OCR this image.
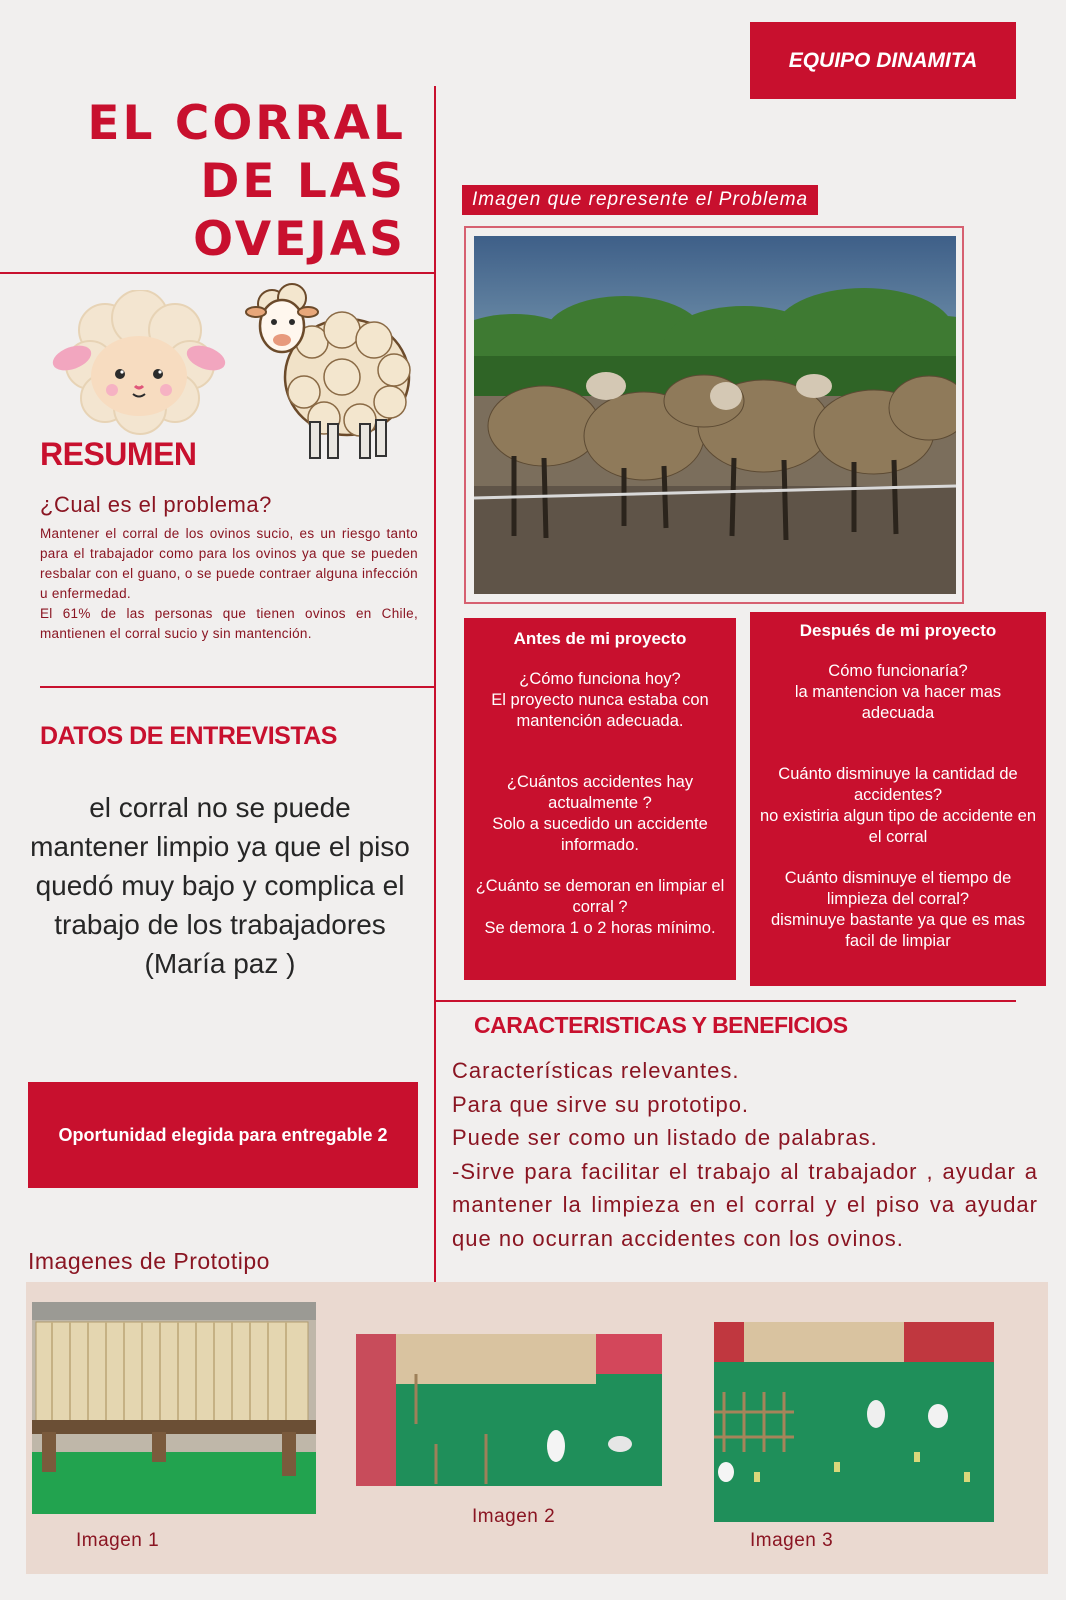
EQUIPO DINAMITA
EL CORRAL
DE LAS
OVEJAS
RESUMEN
¿Cual es el problema?

Mantener el corral de los ovinos sucio, es un riesgo tanto para el trabajador como para los ovinos ya que se pueden resbalar con el guano, o se puede contraer alguna infección u enfermedad.

El 61% de las personas que tienen ovinos en Chile, mantienen el corral sucio y sin mantención.

DATOS DE ENTREVISTAS
el corral no se puede mantener limpio ya que el piso quedó muy bajo y complica el trabajo de los trabajadores (María paz )
Oportunidad elegida para entregable 2
Imagenes de Prototipo
Imagen que represente el Problema

Antes de mi proyecto

¿Cómo funciona hoy?

El proyecto nunca estaba con mantención adecuada.

¿Cuántos accidentes hay actualmente ?

Solo a sucedido un accidente informado.

¿Cuánto se demoran en limpiar el corral ?

Se demora 1 o 2 horas mínimo.

Después de mi proyecto

Cómo funcionaría?

la mantencion va hacer mas adecuada

Cuánto disminuye la cantidad de accidentes?

no existiria algun tipo de accidente en el corral

Cuánto disminuye el tiempo de limpieza del corral?

disminuye bastante ya que es mas facil de limpiar

CARACTERISTICAS Y BENEFICIOS

Características relevantes.

Para que sirve su prototipo.

Puede ser como un listado de palabras.

-Sirve para facilitar el trabajo al trabajador , ayudar a mantener la limpieza en el corral y el piso va ayudar que no ocurran accidentes con los ovinos.

Imagen 1
Imagen 2
Imagen 3
